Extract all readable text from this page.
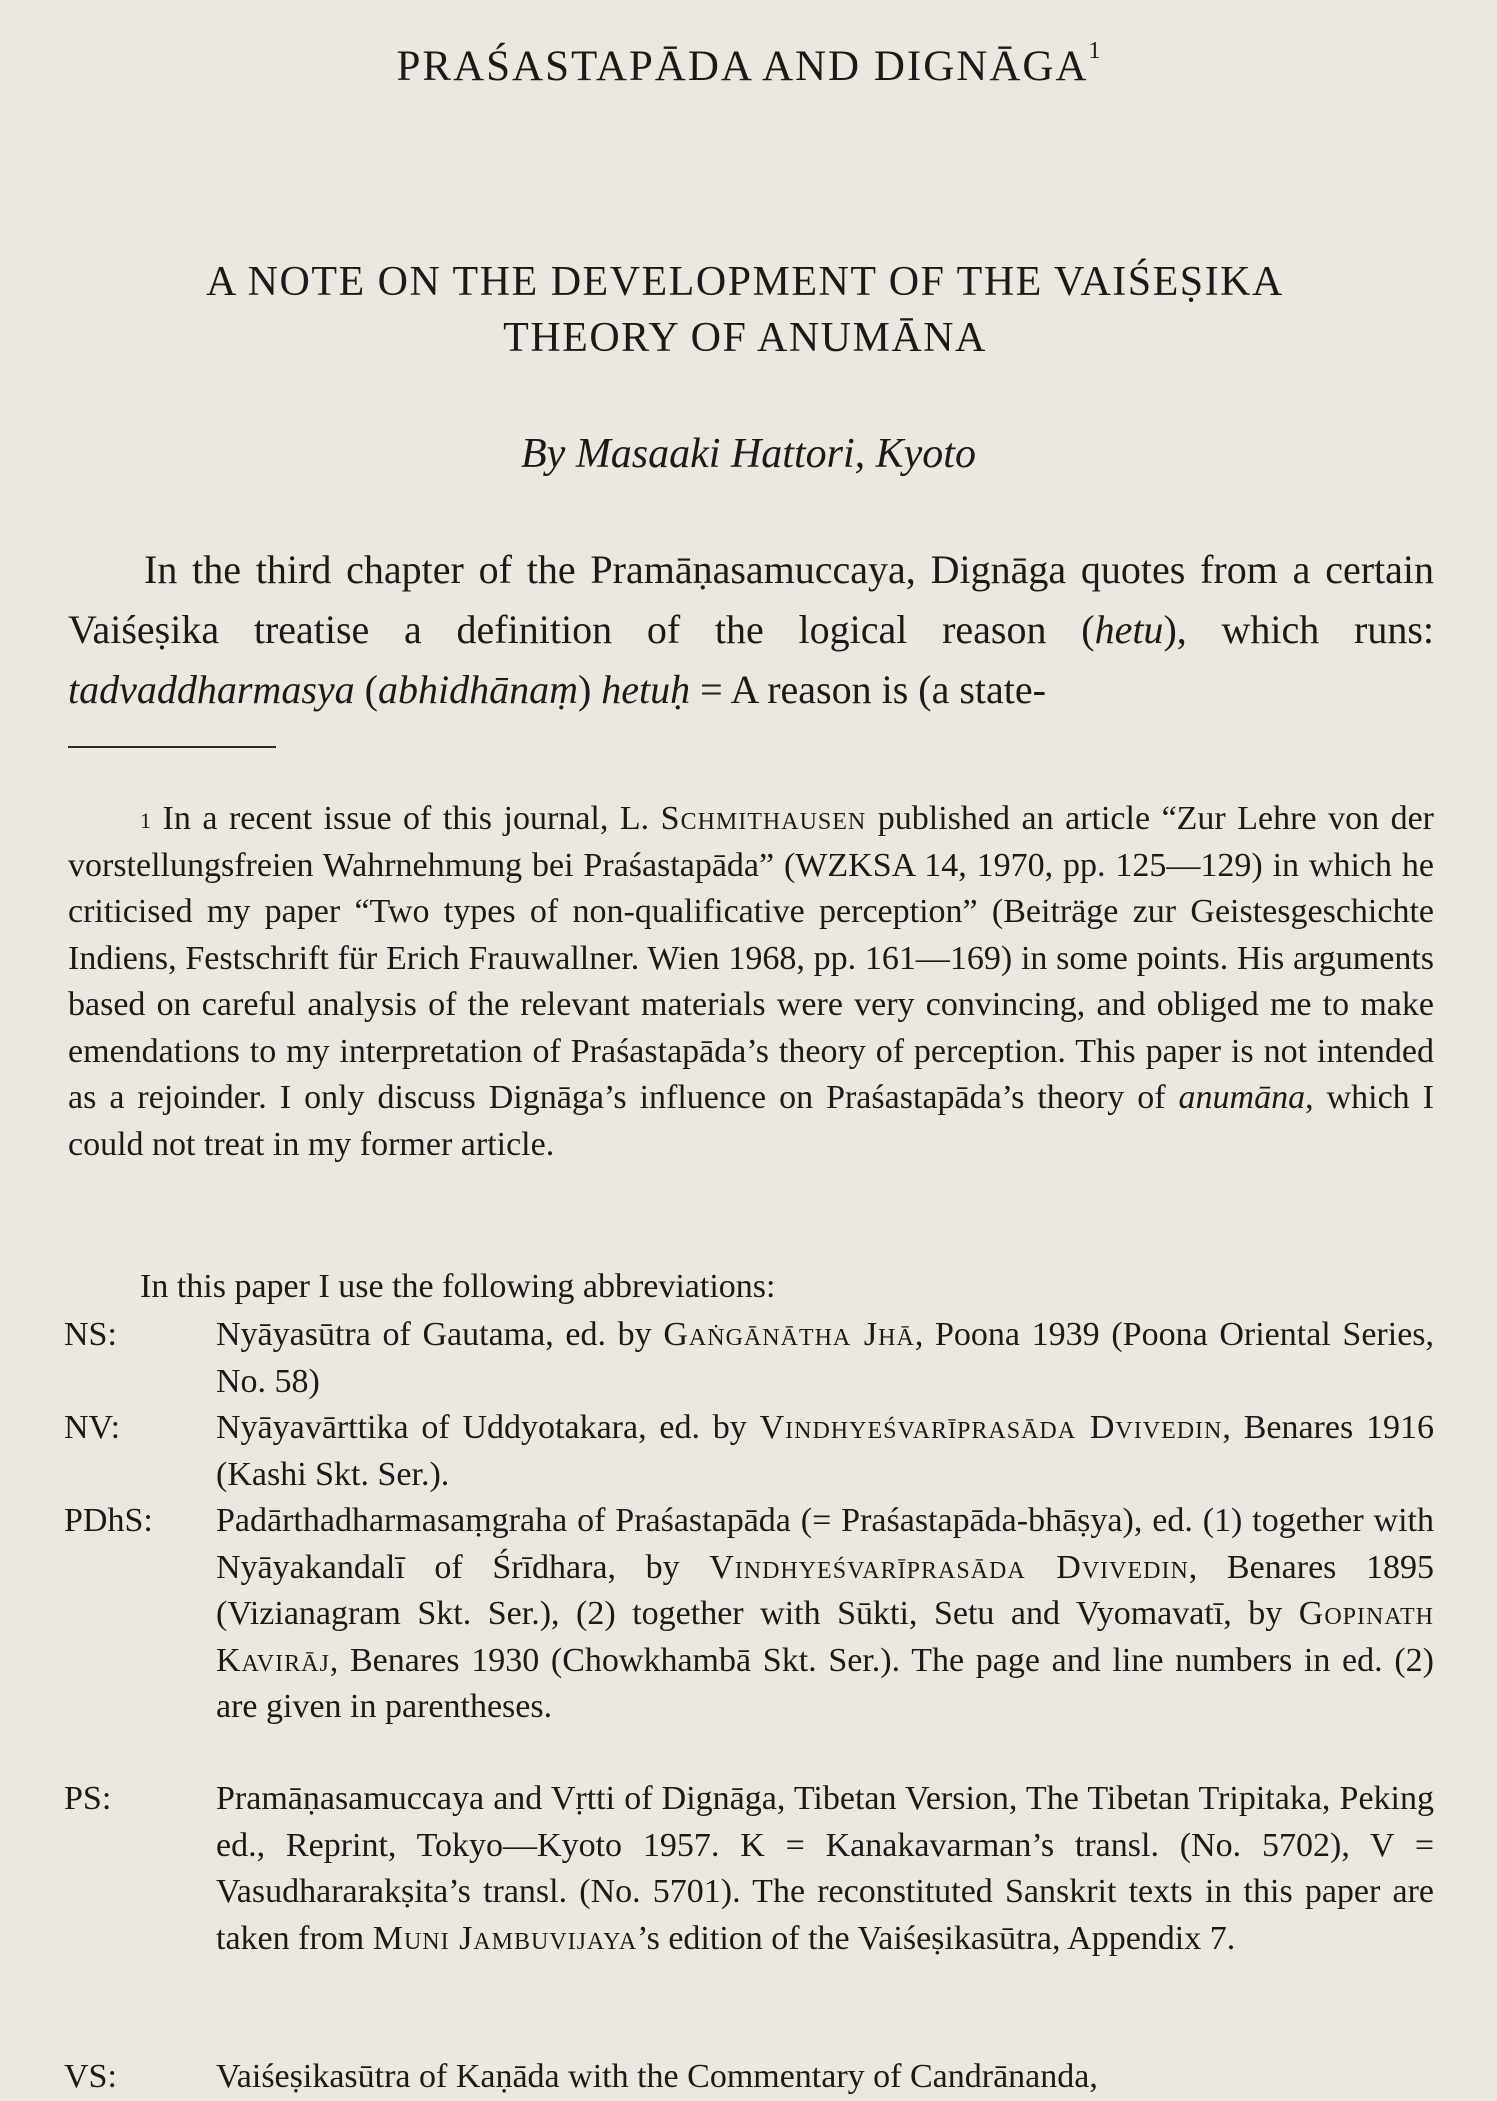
PRAŚASTAPĀDA AND DIGNĀGA$^1$
A NOTE ON THE DEVELOPMENT OF THE VAIŚEṢIKA
THEORY OF ANUMĀNA
By Masaaki Hattori, Kyoto

In the third chapter of the Pramāṇasamuccaya, Dignāga quotes from a certain Vaiśeṣika treatise a definition of the logical reason (hetu), which runs: tadvaddharmasya (abhidhānaṃ) hetuḥ = A reason is (a state-

$^1$ In a recent issue of this journal, L. Schmithausen published an article “Zur Lehre von der vorstellungsfreien Wahrnehmung bei Praśastapāda” (WZKSA 14, 1970, pp. 125—129) in which he criticised my paper “Two types of non-qualificative perception” (Beiträge zur Geistesgeschichte Indiens, Festschrift für Erich Frauwallner. Wien 1968, pp. 161—169) in some points. His arguments based on careful analysis of the relevant materials were very convincing, and obliged me to make emendations to my interpretation of Praśastapāda’s theory of perception. This paper is not intended as a rejoinder. I only discuss Dignāga’s influence on Praśastapāda’s theory of anumāna, which I could not treat in my former article.

In this paper I use the following abbreviations:
NS:	Nyāyasūtra of Gautama, ed. by Gaṅgānātha Jhā, Poona 1939 (Poona Oriental Series, No. 58)
NV:	Nyāyavārttika of Uddyotakara, ed. by Vindhyeśvarīprasāda Dvivedin, Benares 1916 (Kashi Skt. Ser.).
PDhS:	Padārthadharmasaṃgraha of Praśastapāda (= Praśastapāda-bhāṣya), ed. (1) together with Nyāyakandalī of Śrīdhara, by Vindhyeśvarīprasāda Dvivedin, Benares 1895 (Vizianagram Skt. Ser.), (2) together with Sūkti, Setu and Vyomavatī, by Gopinath Kavirāj, Benares 1930 (Chowkhambā Skt. Ser.). The page and line numbers in ed. (2) are given in parentheses.
PS:	Pramāṇasamuccaya and Vṛtti of Dignāga, Tibetan Version, The Tibetan Tripitaka, Peking ed., Reprint, Tokyo—Kyoto 1957. K = Kanakavarman’s transl. (No. 5702), V = Vasudhararakṣita’s transl. (No. 5701). The reconstituted Sanskrit texts in this paper are taken from Muni Jambuvijaya’s edition of the Vaiśeṣikasūtra, Appendix 7.
VS:	Vaiśeṣikasūtra of Kaṇāda with the Commentary of Candrānanda,
